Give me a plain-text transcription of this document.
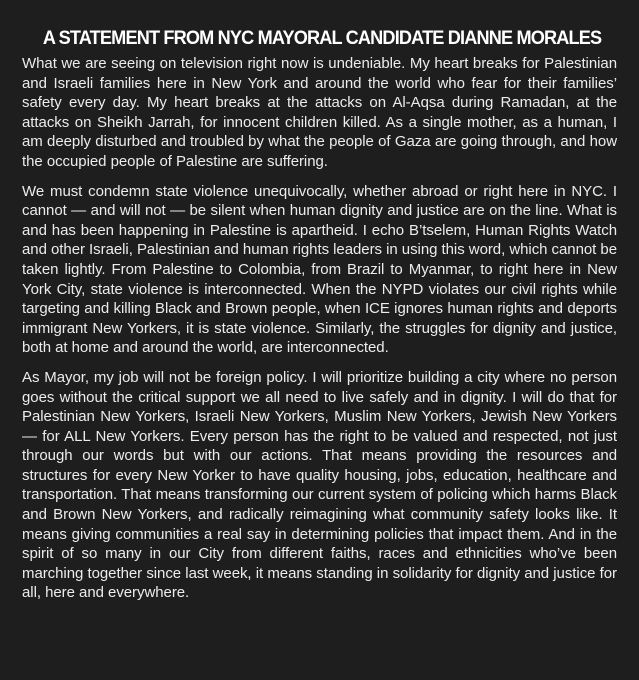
A STATEMENT FROM NYC MAYORAL CANDIDATE DIANNE MORALES

What we are seeing on television right now is undeniable. My heart breaks for Palestinian and Israeli families here in New York and around the world who fear for their families’ safety every day. My heart breaks at the attacks on Al-Aqsa during Ramadan, at the attacks on Sheikh Jarrah, for innocent children killed. As a single mother, as a human, I am deeply disturbed and troubled by what the people of Gaza are going through, and how the occupied people of Palestine are suffering.

We must condemn state violence unequivocally, whether abroad or right here in NYC. I cannot — and will not — be silent when human dignity and justice are on the line. What is and has been happening in Palestine is apartheid. I echo B’tselem, Human Rights Watch and other Israeli, Palestinian and human rights leaders in using this word, which cannot be taken lightly. From Palestine to Colombia, from Brazil to Myanmar, to right here in New York City, state violence is interconnected. When the NYPD violates our civil rights while targeting and killing Black and Brown people, when ICE ignores human rights and deports immigrant New Yorkers, it is state violence. Similarly, the struggles for dignity and justice, both at home and around the world, are interconnected.

As Mayor, my job will not be foreign policy. I will prioritize building a city where no person goes without the critical support we all need to live safely and in dignity. I will do that for Palestinian New Yorkers, Israeli New Yorkers, Muslim New Yorkers, Jewish New Yorkers — for ALL New Yorkers. Every person has the right to be valued and respected, not just through our words but with our actions. That means providing the resources and structures for every New Yorker to have quality housing, jobs, education, healthcare and transportation. That means transforming our current system of policing which harms Black and Brown New Yorkers, and radically reimagining what community safety looks like. It means giving communities a real say in determining policies that impact them. And in the spirit of so many in our City from different faiths, races and ethnicities who’ve been marching together since last week, it means standing in solidarity for dignity and justice for all, here and everywhere.
